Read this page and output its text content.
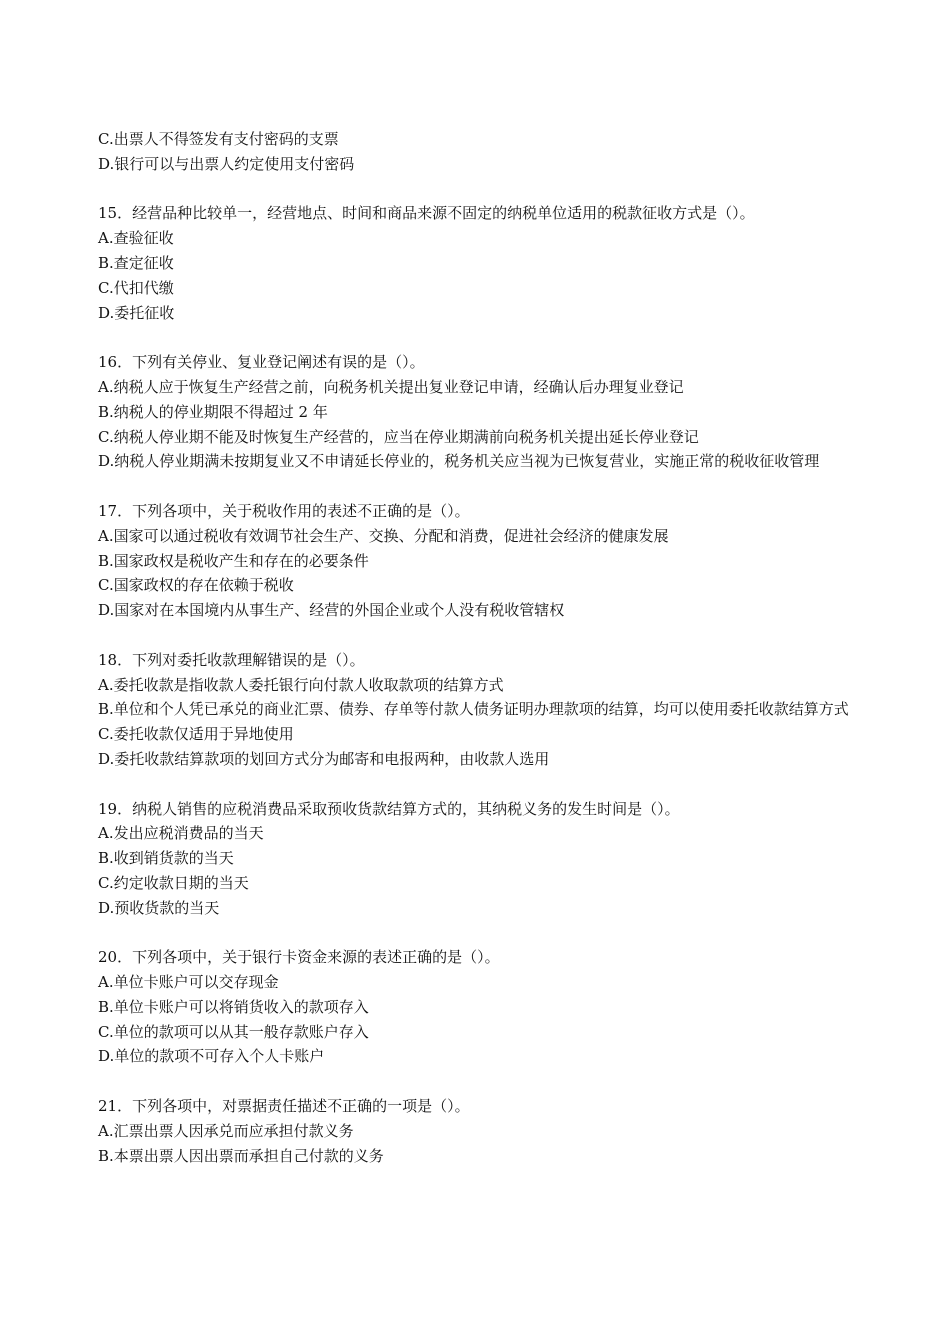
C.出票人不得签发有支付密码的支票
D.银行可以与出票人约定使用支付密码
15．经营品种比较单一，经营地点、时间和商品来源不固定的纳税单位适用的税款征收方式是（）。
A.查验征收
B.查定征收
C.代扣代缴
D.委托征收
16．下列有关停业、复业登记阐述有误的是（）。
A.纳税人应于恢复生产经营之前，向税务机关提出复业登记申请，经确认后办理复业登记
B.纳税人的停业期限不得超过 2 年
C.纳税人停业期不能及时恢复生产经营的，应当在停业期满前向税务机关提出延长停业登记
D.纳税人停业期满未按期复业又不申请延长停业的，税务机关应当视为已恢复营业，实施正常的税收征收管理
17．下列各项中，关于税收作用的表述不正确的是（）。
A.国家可以通过税收有效调节社会生产、交换、分配和消费，促进社会经济的健康发展
B.国家政权是税收产生和存在的必要条件
C.国家政权的存在依赖于税收
D.国家对在本国境内从事生产、经营的外国企业或个人没有税收管辖权
18．下列对委托收款理解错误的是（）。
A.委托收款是指收款人委托银行向付款人收取款项的结算方式
B.单位和个人凭已承兑的商业汇票、债券、存单等付款人债务证明办理款项的结算，均可以使用委托收款结算方式
C.委托收款仅适用于异地使用
D.委托收款结算款项的划回方式分为邮寄和电报两种，由收款人选用
19．纳税人销售的应税消费品采取预收货款结算方式的，其纳税义务的发生时间是（）。
A.发出应税消费品的当天
B.收到销货款的当天
C.约定收款日期的当天
D.预收货款的当天
20．下列各项中，关于银行卡资金来源的表述正确的是（）。
A.单位卡账户可以交存现金
B.单位卡账户可以将销货收入的款项存入
C.单位的款项可以从其一般存款账户存入
D.单位的款项不可存入个人卡账户
21．下列各项中，对票据责任描述不正确的一项是（）。
A.汇票出票人因承兑而应承担付款义务
B.本票出票人因出票而承担自己付款的义务
